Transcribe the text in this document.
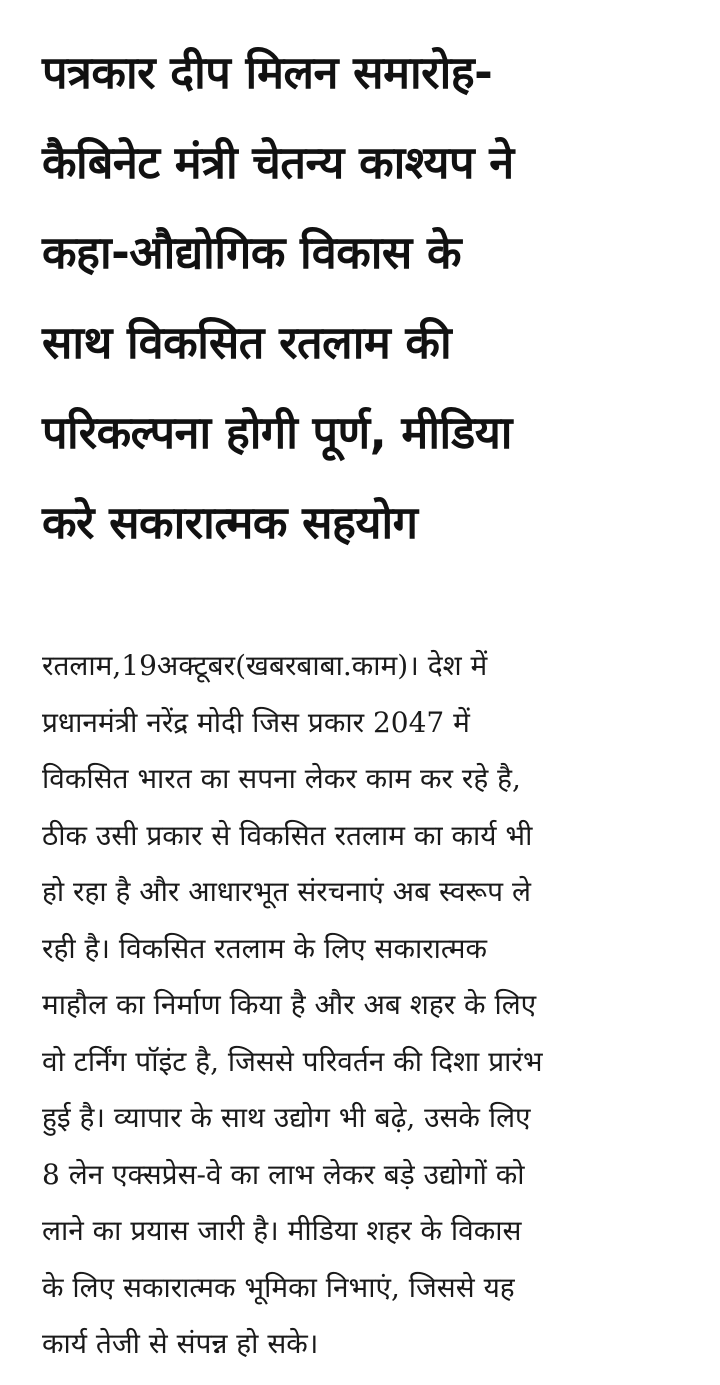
पत्रकार दीप मिलन समारोह-
कैबिनेट मंत्री चेतन्य काश्यप ने
कहा-औद्योगिक विकास के
साथ विकसित रतलाम की
परिकल्पना होगी पूर्ण, मीडिया
करे सकारात्मक सहयोग

रतलाम,19अक्टूबर(खबरबाबा.काम)। देश में
प्रधानमंत्री नरेंद्र मोदी जिस प्रकार 2047 में
विकसित भारत का सपना लेकर काम कर रहे है,
ठीक उसी प्रकार से विकसित रतलाम का कार्य भी
हो रहा है और आधारभूत संरचनाएं अब स्वरूप ले
रही है। विकसित रतलाम के लिए सकारात्मक
माहौल का निर्माण किया है और अब शहर के लिए
वो टर्निंग पॉइंट है, जिससे परिवर्तन की दिशा प्रारंभ
हुई है। व्यापार के साथ उद्योग भी बढ़े, उसके लिए
8 लेन एक्सप्रेस-वे का लाभ लेकर बड़े उद्योगों को
लाने का प्रयास जारी है। मीडिया शहर के विकास
के लिए सकारात्मक भूमिका निभाएं, जिससे यह
कार्य तेजी से संपन्न हो सके।
